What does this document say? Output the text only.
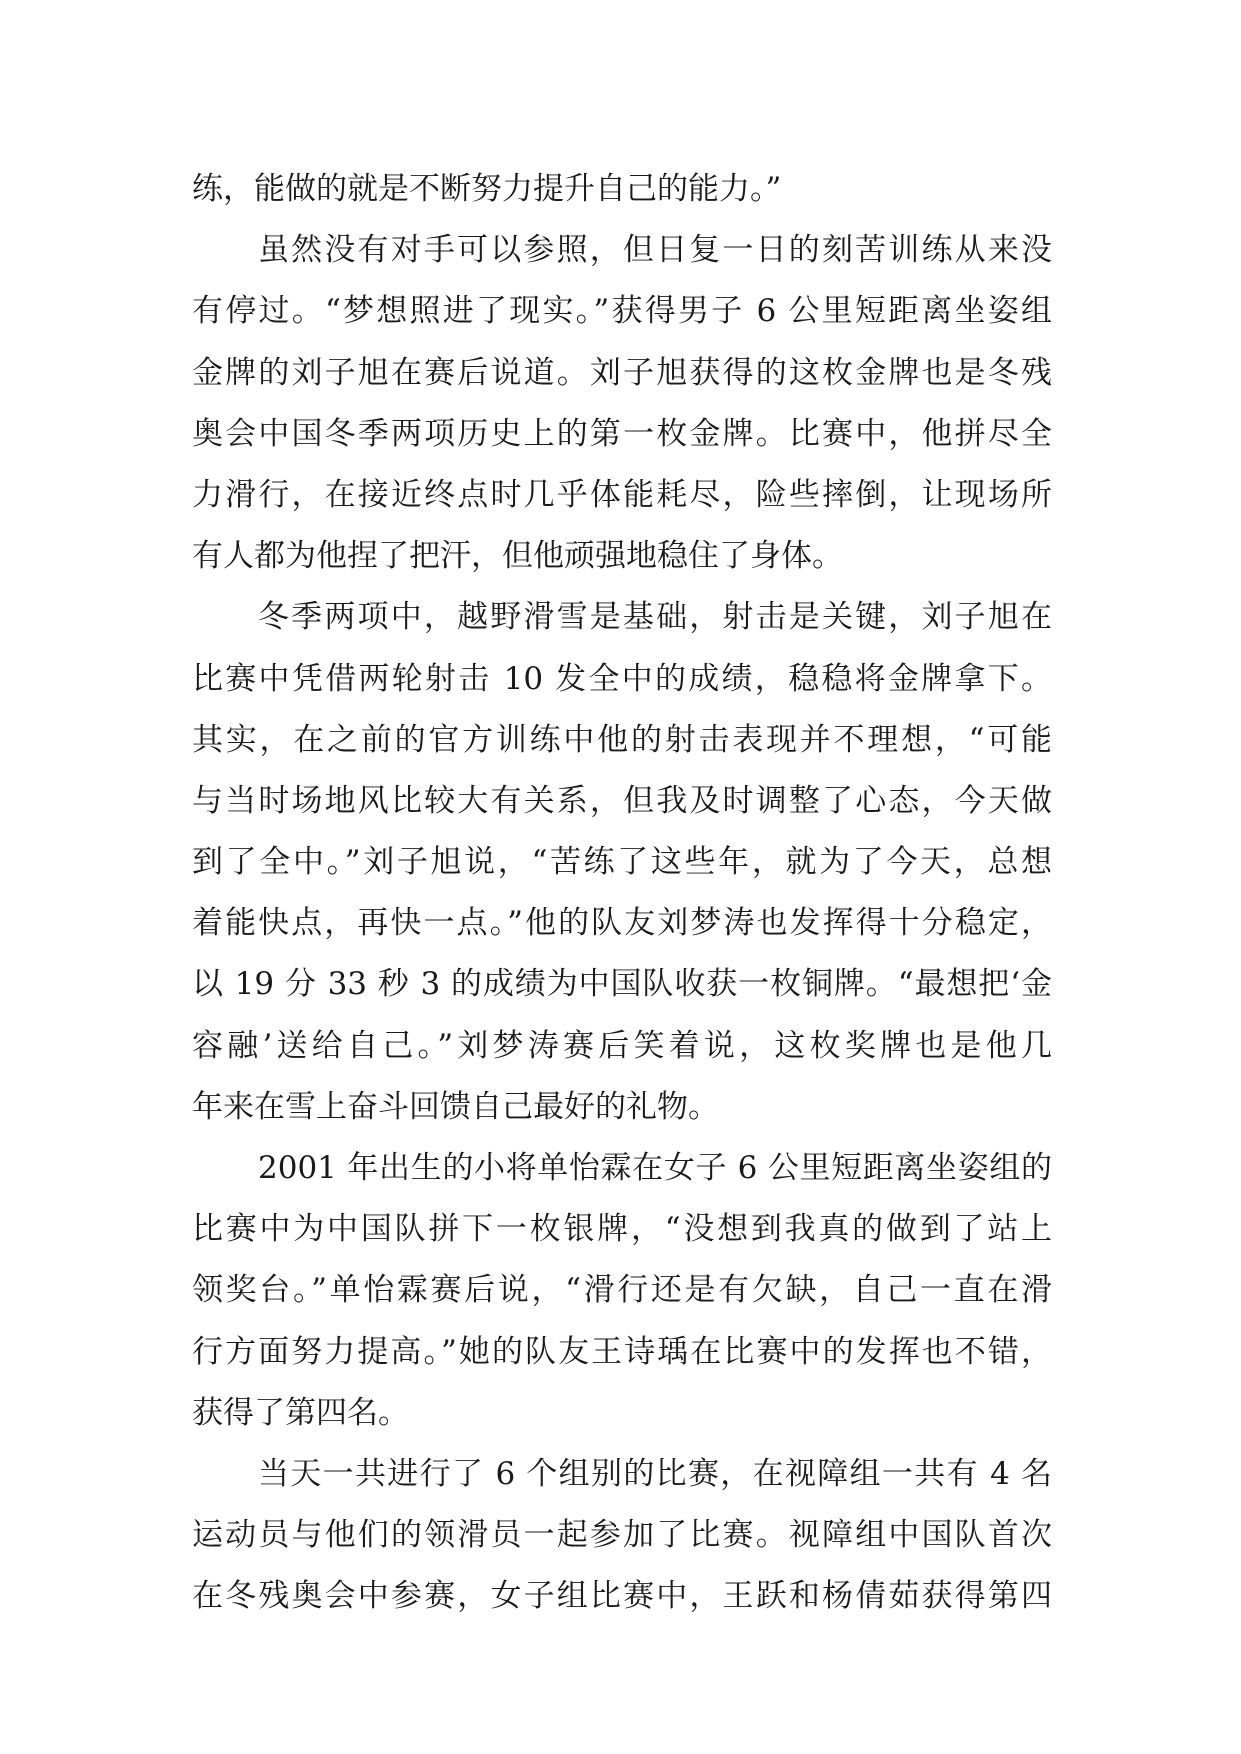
练，能做的就是不断努力提升自己的能力。”
虽然没有对手可以参照，但日复一日的刻苦训练从来没
有停过。“梦想照进了现实。”获得男子 6 公里短距离坐姿组
金牌的刘子旭在赛后说道。刘子旭获得的这枚金牌也是冬残
奥会中国冬季两项历史上的第一枚金牌。比赛中，他拼尽全
力滑行，在接近终点时几乎体能耗尽，险些摔倒，让现场所
有人都为他捏了把汗，但他顽强地稳住了身体。
冬季两项中，越野滑雪是基础，射击是关键，刘子旭在
比赛中凭借两轮射击 10 发全中的成绩，稳稳将金牌拿下。
其实，在之前的官方训练中他的射击表现并不理想，“可能
与当时场地风比较大有关系，但我及时调整了心态，今天做
到了全中。”刘子旭说，“苦练了这些年，就为了今天，总想
着能快点，再快一点。”他的队友刘梦涛也发挥得十分稳定，
以 19 分 33 秒 3 的成绩为中国队收获一枚铜牌。“最想把‘金
容融’送给自己。”刘梦涛赛后笑着说，这枚奖牌也是他几
年来在雪上奋斗回馈自己最好的礼物。
2001 年出生的小将单怡霖在女子 6 公里短距离坐姿组的
比赛中为中国队拼下一枚银牌，“没想到我真的做到了站上
领奖台。”单怡霖赛后说，“滑行还是有欠缺，自己一直在滑
行方面努力提高。”她的队友王诗瑀在比赛中的发挥也不错，
获得了第四名。
当天一共进行了 6 个组别的比赛，在视障组一共有 4 名
运动员与他们的领滑员一起参加了比赛。视障组中国队首次
在冬残奥会中参赛，女子组比赛中，王跃和杨倩茹获得第四
